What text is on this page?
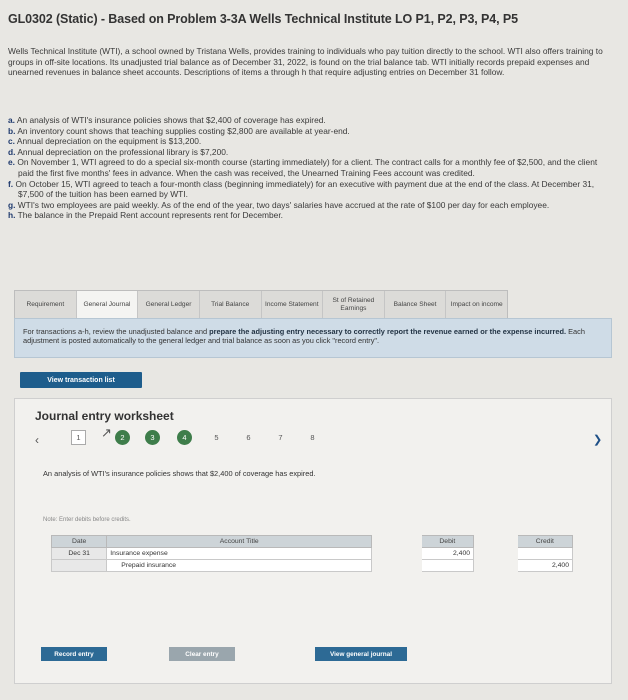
GL0302 (Static) - Based on Problem 3-3A Wells Technical Institute LO P1, P2, P3, P4, P5
Wells Technical Institute (WTI), a school owned by Tristana Wells, provides training to individuals who pay tuition directly to the school. WTI also offers training to groups in off-site locations. Its unadjusted trial balance as of December 31, 2022, is found on the trial balance tab. WTI initially records prepaid expenses and unearned revenues in balance sheet accounts. Descriptions of items a through h that require adjusting entries on December 31 follow.

a. An analysis of WTI's insurance policies shows that $2,400 of coverage has expired.

b. An inventory count shows that teaching supplies costing $2,800 are available at year-end.

c. Annual depreciation on the equipment is $13,200.

d. Annual depreciation on the professional library is $7,200.

e. On November 1, WTI agreed to do a special six-month course (starting immediately) for a client. The contract calls for a monthly fee of $2,500, and the client paid the first five months' fees in advance. When the cash was received, the Unearned Training Fees account was credited.

f. On October 15, WTI agreed to teach a four-month class (beginning immediately) for an executive with payment due at the end of the class. At December 31, $7,500 of the tuition has been earned by WTI.

g. WTI's two employees are paid weekly. As of the end of the year, two days' salaries have accrued at the rate of $100 per day for each employee.

h. The balance in the Prepaid Rent account represents rent for December.

Requirement	General Journal	General Ledger	Trial Balance	Income Statement
St of Retained Earnings
Balance Sheet	Impact on income
For transactions a-h, review the unadjusted balance and prepare the adjusting entry necessary to correctly report the revenue earned or the expense incurred. Each adjustment is posted automatically to the general ledger and trial balance as soon as you click "record entry".
View transaction list
Journal entry worksheet
‹	1	↗	2	3	4	5	6	7	8	❯
An analysis of WTI's insurance policies shows that $2,400 of coverage has expired.
Note: Enter debits before credits.
Date	Account Title		Debit		Credit
Dec 31	Insurance expense		2,400		
	Prepaid insurance				2,400
Record entry	Clear entry	View general journal
